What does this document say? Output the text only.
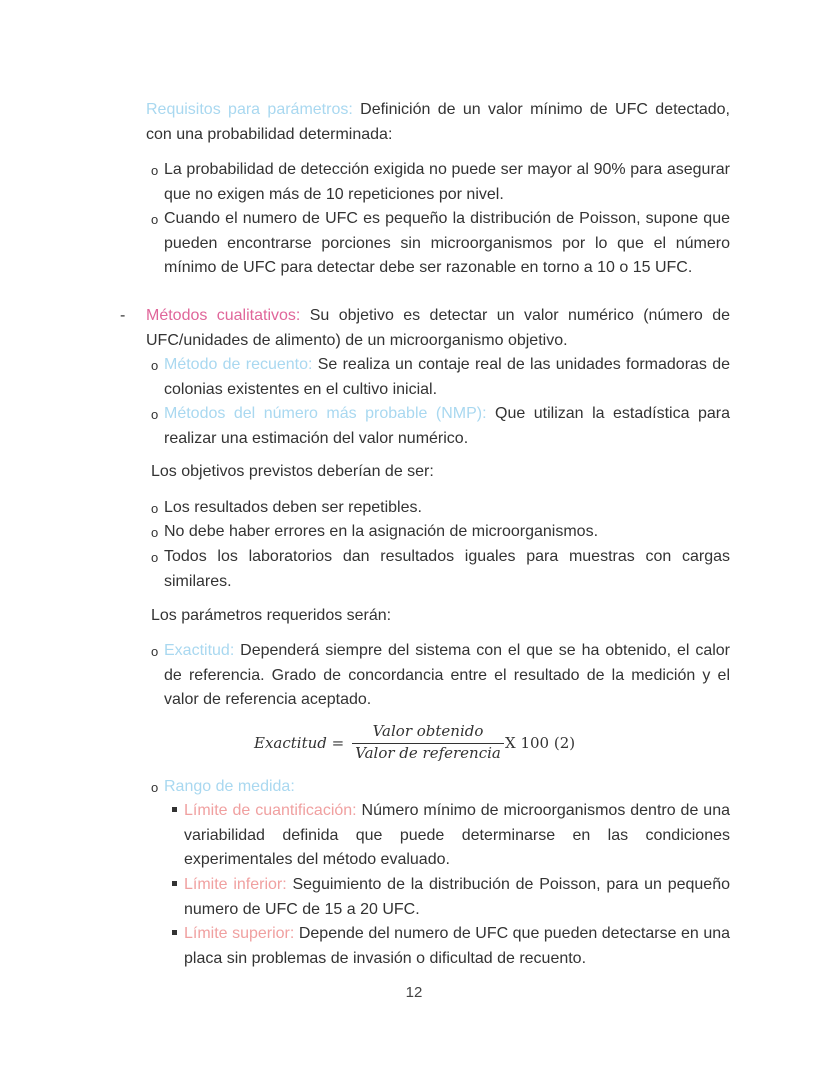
Requisitos para parámetros: Definición de un valor mínimo de UFC detectado, con una probabilidad determinada:

o La probabilidad de detección exigida no puede ser mayor al 90% para asegurar que no exigen más de 10 repeticiones por nivel.

o Cuando el numero de UFC es pequeño la distribución de Poisson, supone que pueden encontrarse porciones sin microorganismos por lo que el número mínimo de UFC para detectar debe ser razonable en torno a 10 o 15 UFC.

- Métodos cualitativos: Su objetivo es detectar un valor numérico (número de UFC/unidades de alimento) de un microorganismo objetivo.

o Método de recuento: Se realiza un contaje real de las unidades formadoras de colonias existentes en el cultivo inicial.

o Métodos del número más probable (NMP): Que utilizan la estadística para realizar una estimación del valor numérico.

Los objetivos previstos deberían de ser:

o Los resultados deben ser repetibles.

o No debe haber errores en la asignación de microorganismos.

o Todos los laboratorios dan resultados iguales para muestras con cargas similares.

Los parámetros requeridos serán:

o Exactitud: Dependerá siempre del sistema con el que se ha obtenido, el calor de referencia. Grado de concordancia entre el resultado de la medición y el valor de referencia aceptado.

Exactitud =
Valor obtenido
Valor de referencia
X 100 (2)
o Rango de medida:

Límite de cuantificación: Número mínimo de microorganismos dentro de una variabilidad definida que puede determinarse en las condiciones experimentales del método evaluado.

Límite inferior: Seguimiento de la distribución de Poisson, para un pequeño numero de UFC de 15 a 20 UFC.

Límite superior: Depende del numero de UFC que pueden detectarse en una placa sin problemas de invasión o dificultad de recuento.

12
